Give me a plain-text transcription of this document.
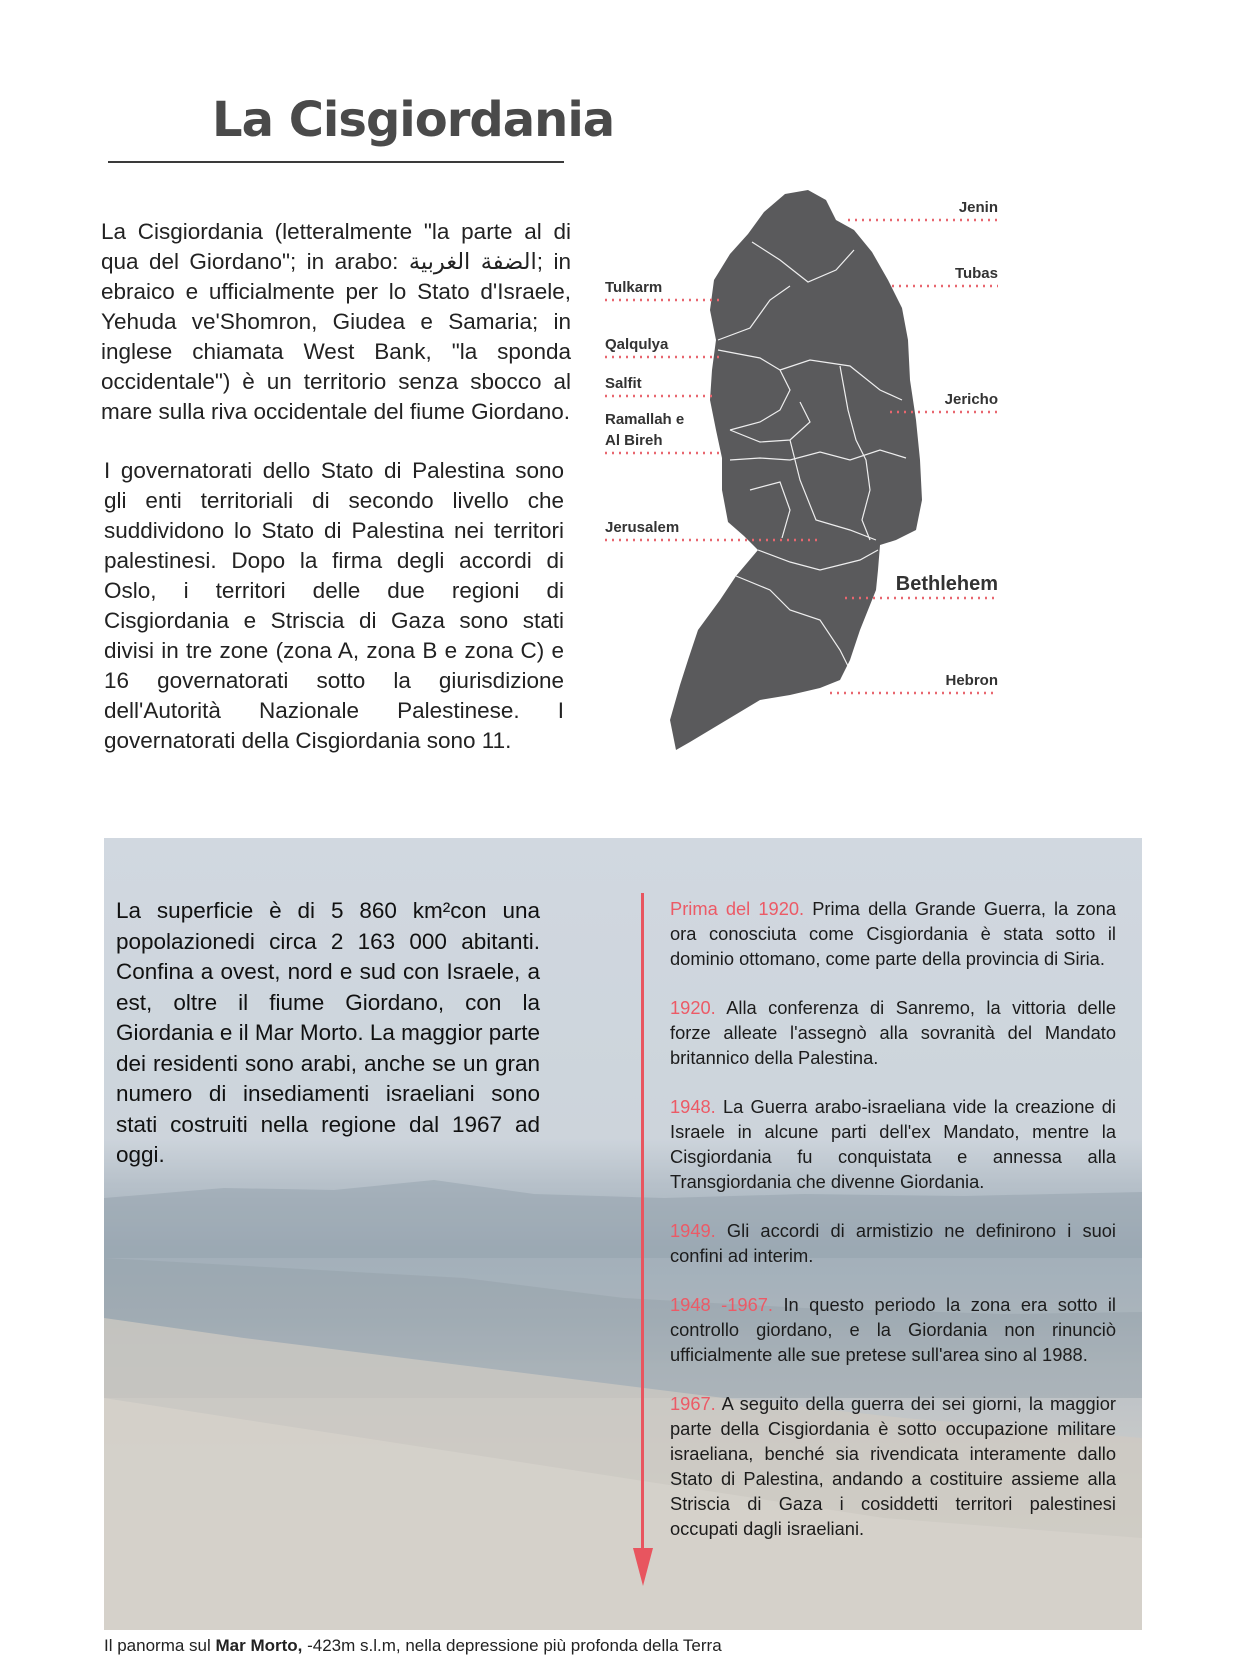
La Cisgiordania

La Cisgiordania (letteralmente "la parte al di qua del Giordano"; in arabo: الضفة الغربية; in ebraico e ufficialmente per lo Stato d'Israele, Yehuda ve'Shomron, Giudea e Samaria; in inglese chiamata West Bank, "la sponda occidentale") è un territorio senza sbocco al mare sulla riva occidentale del fiume Giordano.

I governatorati dello Stato di Palestina sono gli enti territoriali di secondo livello che suddividono lo Stato di Palestina nei territori palestinesi. Dopo la firma degli accordi di Oslo, i territori delle due regioni di Cisgiordania e Striscia di Gaza sono stati divisi in tre zone (zona A, zona B e zona C) e 16 governatorati sotto la giurisdizione dell'Autorità Nazionale Palestinese. I governatorati della Cisgiordania sono 11.

Jenin
Tubas
Tulkarm
Qalqulya
Salfit
Jericho
Ramallah e
Al Bireh
Jerusalem
Bethlehem
Hebron

La superficie è di 5 860 km²con una popolazionedi circa 2 163 000 abitanti. Confina a ovest, nord e sud con Israele, a est, oltre il fiume Giordano, con la Giordania e il Mar Morto. La maggior parte dei residenti sono arabi, anche se un gran numero di insediamenti israeliani sono stati costruiti nella regione dal 1967 ad oggi.

Prima del 1920. Prima della Grande Guerra, la zona ora conosciuta come Cisgiordania è stata sotto il dominio ottomano, come parte della provincia di Siria.

1920. Alla conferenza di Sanremo, la vittoria delle forze alleate l'assegnò alla sovranità del Mandato britannico della Palestina.

1948. La Guerra arabo-israeliana vide la creazione di Israele in alcune parti dell'ex Mandato, mentre la Cisgiordania fu conquistata e annessa alla Transgiordania che divenne Giordania.

1949. Gli accordi di armistizio ne definirono i suoi confini ad interim.

1948 -1967. In questo periodo la zona era sotto il controllo giordano, e la Giordania non rinunciò ufficialmente alle sue pretese sull'area sino al 1988.

1967. A seguito della guerra dei sei giorni, la maggior parte della Cisgiordania è sotto occupazione militare israeliana, benché sia rivendicata interamente dallo Stato di Palestina, andando a costituire assieme alla Striscia di Gaza i cosiddetti territori palestinesi occupati dagli israeliani.

Il panorma sul Mar Morto, -423m s.l.m, nella depressione più profonda della Terra
